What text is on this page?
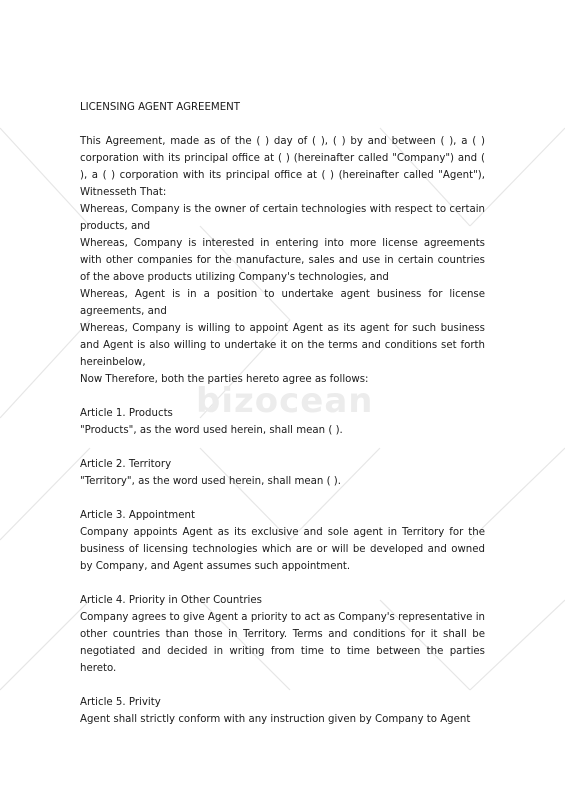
bizocean
LICENSING AGENT AGREEMENT

This Agreement, made as of the ( ) day of ( ), ( ) by and between ( ), a ( ) corporation with its principal office at ( ) (hereinafter called "Company") and ( ), a ( ) corporation with its principal office at ( ) (hereinafter called "Agent"), Witnesseth That:

Whereas, Company is the owner of certain technologies with respect to certain products, and

Whereas, Company is interested in entering into more license agreements with other companies for the manufacture, sales and use in certain countries of the above products utilizing Company's technologies, and

Whereas, Agent is in a position to undertake agent business for license agreements, and

Whereas, Company is willing to appoint Agent as its agent for such business and Agent is also willing to undertake it on the terms and conditions set forth hereinbelow,

Now Therefore, both the parties hereto agree as follows:

Article 1. Products

"Products", as the word used herein, shall mean ( ).

Article 2. Territory

"Territory", as the word used herein, shall mean ( ).

Article 3. Appointment

Company appoints Agent as its exclusive and sole agent in Territory for the business of licensing technologies which are or will be developed and owned by Company, and Agent assumes such appointment.

Article 4. Priority in Other Countries

Company agrees to give Agent a priority to act as Company's representative in other countries than those in Territory. Terms and conditions for it shall be negotiated and decided in writing from time to time between the parties hereto.

Article 5. Privity

Agent shall strictly conform with any instruction given by Company to Agent
